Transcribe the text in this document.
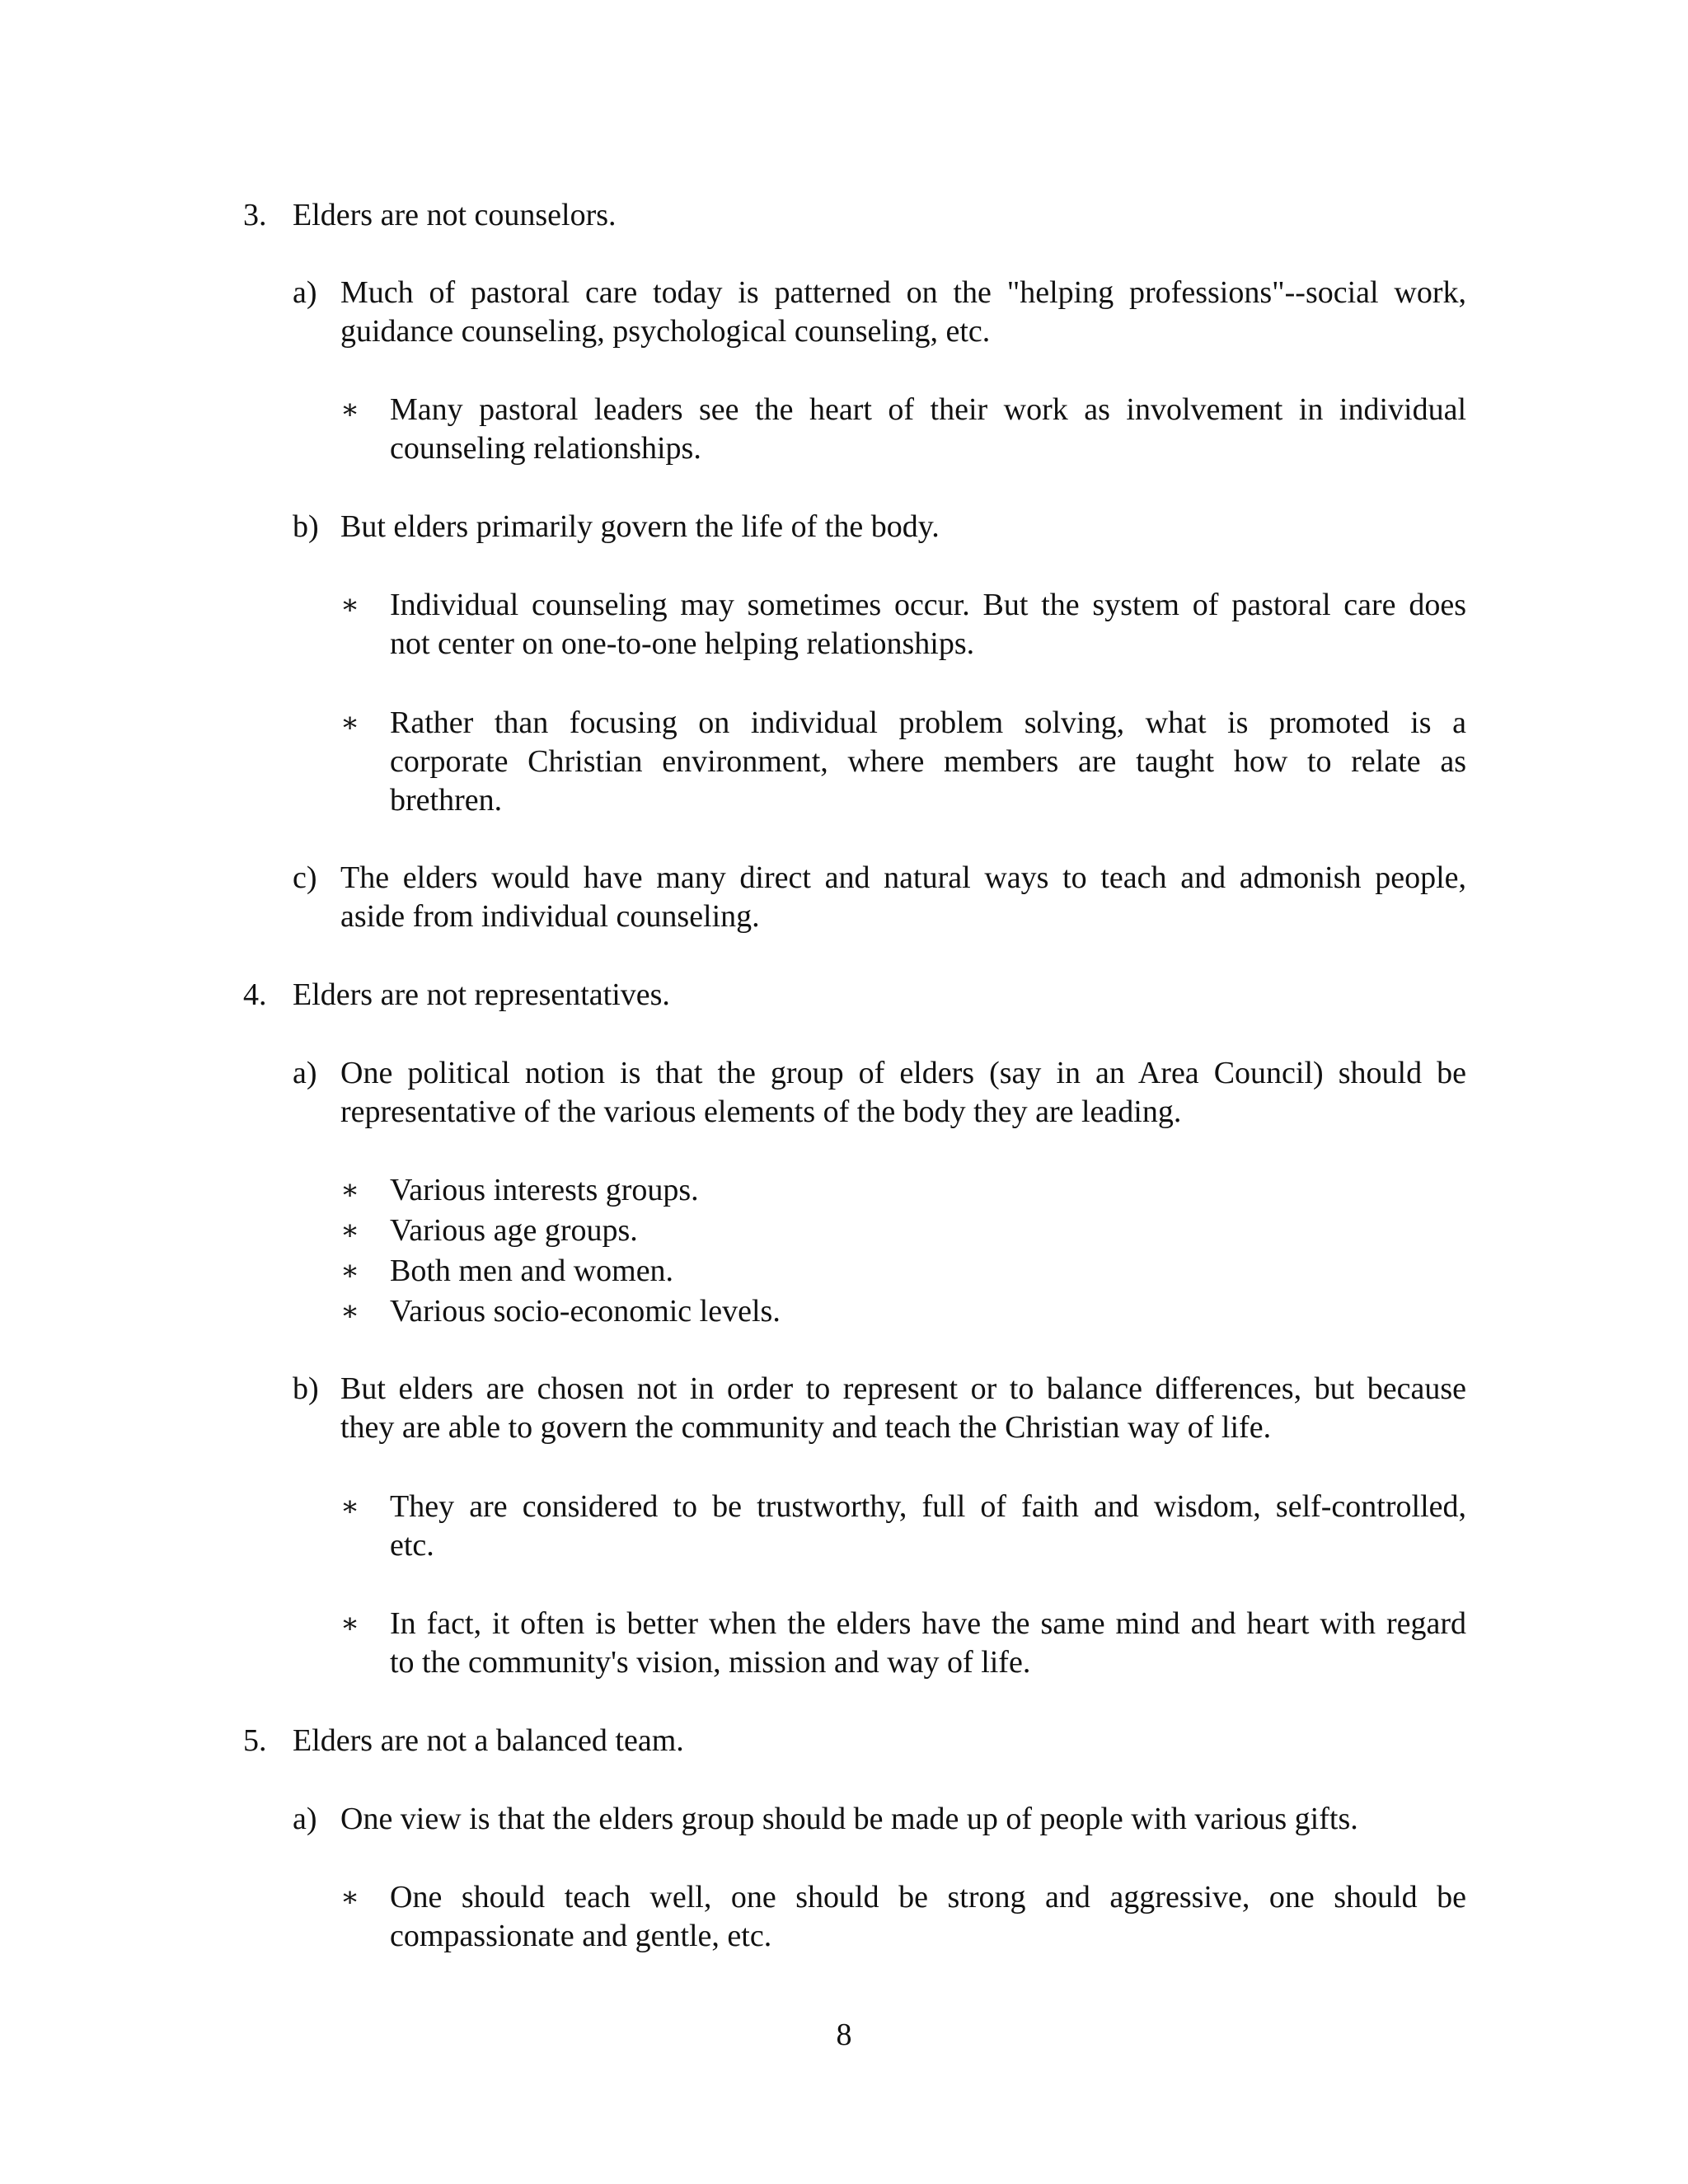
3. Elders are not counselors.
a) Much of pastoral care today is patterned on the "helping professions"--social work,
guidance counseling, psychological counseling, etc.
∗ Many pastoral leaders see the heart of their work as involvement in individual
counseling relationships.
b) But elders primarily govern the life of the body.
∗ Individual counseling may sometimes occur. But the system of pastoral care does
not center on one-to-one helping relationships.
∗ Rather than focusing on individual problem solving, what is promoted is a
corporate Christian environment, where members are taught how to relate as
brethren.
c) The elders would have many direct and natural ways to teach and admonish people,
aside from individual counseling.
4. Elders are not representatives.
a) One political notion is that the group of elders (say in an Area Council) should be
representative of the various elements of the body they are leading.
∗ Various interests groups.
∗ Various age groups.
∗ Both men and women.
∗ Various socio-economic levels.
b) But elders are chosen not in order to represent or to balance differences, but because
they are able to govern the community and teach the Christian way of life.
∗ They are considered to be trustworthy, full of faith and wisdom, self-controlled,
etc.
∗ In fact, it often is better when the elders have the same mind and heart with regard
to the community's vision, mission and way of life.
5. Elders are not a balanced team.
a) One view is that the elders group should be made up of people with various gifts.
∗ One should teach well, one should be strong and aggressive, one should be
compassionate and gentle, etc.
8
